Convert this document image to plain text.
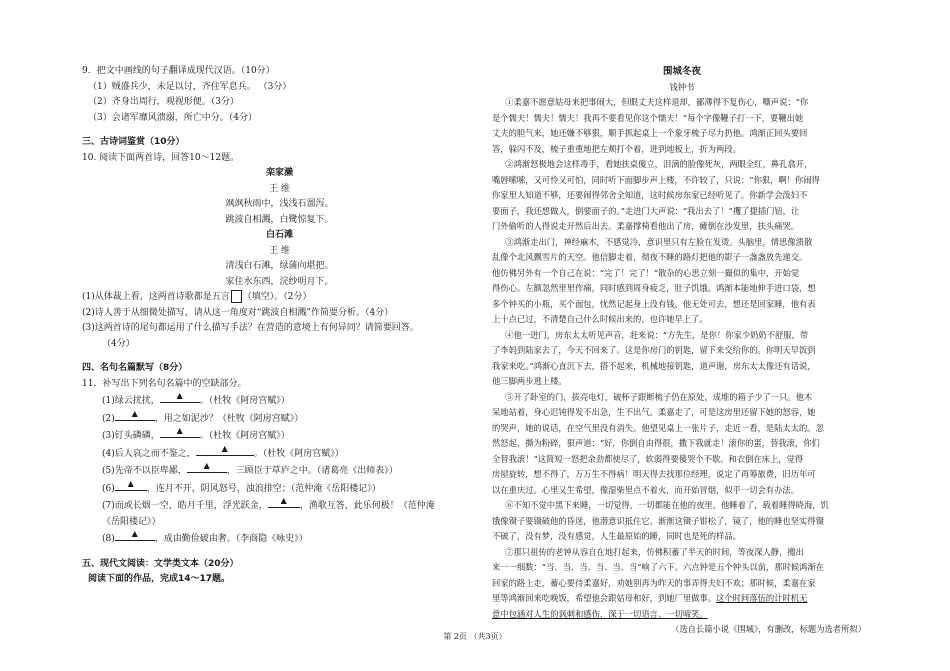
9．把文中画线的句子翻译成现代汉语。（10分）
（1）贼盛兵少，未足以讨，齐住军息兵。 （3分）
（2）齐身出周行，观视形便。（3分）
（3）会诸军靡风溃溺，所亡中分。（4分）
三、古诗词鉴赏（10分）
10. 阅读下面两首诗，回答10～12题。
栾家濑
王 维
飒飒秋雨中，浅浅石溜泻。
跳波自相溅，白鹭惊复下。
白石滩
王 维
清浅白石滩，绿蒲向堪把。
家住水东西，浣纱明月下。
(1)从体裁上看，这两首诗歌都是五言 （填空）。（2分）
(2)诗人善于从细微处描写，请从这一角度对“跳波自相溅”作简要分析。（4分）
(3)这两首诗的尾句都运用了什么描写手法？在营造的意境上有何异同？请简要回答。
（4分）
四、名句名篇默写（8分）
11．补写出下列名句名篇中的空缺部分。
(1)绿云扰扰，
▲
。（杜牧《阿房宫赋》）
(2)
▲
，用之如泥沙？（杜牧《阿房宫赋》）
(3)钉头磷磷，
▲
。（杜牧《阿房宫赋》）
(4)后人哀之而不鉴之，
▲
。（杜牧《阿房宫赋》）
(5)先帝不以臣卑鄙，
▲
，三顾臣于草庐之中。（诸葛亮《出师表》）
(6)
▲
，连月不开，阴风怒号，浊浪排空；（范仲淹《岳阳楼记》）
(7)而或长烟一空，皓月千里，浮光跃金，
▲
，渔歌互答，此乐何极！（范仲淹
《岳阳楼记》）
(8)
▲
，成由勤俭破由奢。（李商隐《咏史》）
五、现代文阅读：文学类文本（20分）
阅读下面的作品，完成14～17题。
围城冬夜
钱钟书
①柔嘉不愿意姑母来把事闹大，但眼丈夫这样退却，鄙薄得不复伤心，嘶声说：“你
是个懦夫！懦夫！懦夫！我再不要看见你这个懦夫！”每个字像鞭子打一下，要鞭出她
丈夫的胆气来，她还嫌不够狠，顺手抓起桌上一个象牙梳子尽力扔他。鸿渐正回头要回
答，躲闪不及，梳子重重地把左颊打个着，迸到地板上，折为两段。
②鸿渐怒极地会这样毒手，看她扶桌傻立，泪滴的脸像死灰，两眼全红，鼻孔翕开，
嘴唇嗦嗦，又可怜又可怕，同时听下面脚步声上楼，不许较了，只说：“你狠，啊！你闹得
你家里人知道不够，还要闹得邻舍全知道，这时候房东家已经听见了。你新学会泼妇不
要面子，我还想做人，倒要面子的。”走进门大声说：“我出去了！”攫了捷插门钮，让
门外偷听的人得说走开然后出去。柔嘉撑椅看他出了房，瘫倒在沙发里，扶头痛哭。
③鸿渐走出门，神经麻木，不感觉冷，意识里只有左脸在发烫。头脑里，情思像溃散
乱像个北风飘雪片的天空。他信脚走着，彻夜不睡的路灯把他的影子一盏盏放先递交。
他仿佛另外有一个自己在说：“完了！完了！”散杂的心思立刻一撮似的集中，开始觉
得伤心。左额忽然里里作痛，同时感到周身疲乏，肚子饥饿。鸿渐本能地伸手进口袋，想
多个钟买的小瓶，买个面包，忧然记起身上没有钱，他无处可去，想还是回家睡，他有表
上十点已过，不清楚自己什么时候出来的，也许她早上了。
④他一进门，房东太太听见声音，赶来说：“方先生，是你！你家少奶奶不舒服，带
了李妈到陆家去了，今天不回来了。这是你房门的钥匙，留下来交给你的。你明天早饭到
我家来吃。”鸿渐心直沉下去，搭不起来，机械地接钥匙，道声谢，房东太太像还有话说，
他三脚两步逃上楼。
⑤开了卧室的门，拔亮电灯，破杯子跟断梳子仍在原处，成堆的箱子少了一只。他木
呆地站着，身心迟钝得发不出急，生不出气。柔嘉走了，可是这房里还留下她的怒容，她
的哭声，她的说话，在空气里没有消失。他望见桌上一张片子，走近一看，是陆太太的。忽
然怒起，撕为粉碎，狠声道：“好，你倒自由得很，撒下我就走！滚你的蛋，替我滚，你们
全替我滚！”这简短一怒把余劲都使尽了，软弱得要傻哭个不歇。和衣倒在床上，觉得
房屋旋转，想不得了，万万生不得病！明天得去找那位经理，说定了再筹旅费，旧历年可
以在重庆过。心里又生希望，像湿柴里点不着火，而开始冒烟，似乎一切会有办法。
⑥不知不觉中黑下来睡，一切觉得，一切都能在他的夜里，他睡着了，载着睡得晓海，饥
饿像镊子要镊破他的昏迷，他潜意识抵住它。渐渐这镊子钳松了，镜了，他的睡也坚实得镊
不破了，没有梦，没有感觉，人生最原始的睡，同时也是死的样品。
⑦那只祖传的老钟从容自在地打起来，仿佛积蓄了半天的时间，等夜深人静，搬出
来一一细数：“当、当、当、当、当、当”响了六下。六点钟是五个钟头以前，那时候鸿渐在
回家的路上走，蓄心要待柔嘉好，劝她别再为昨天的事弄得夫妇不欢；那时候，柔嘉在家
里等鸿渐回来吃晚饭，希望他会跟姑母和好，到她厂里做事。这个时间落伍的计时机无
意中包涵对人生的讽刺和感伤，深于一切语言、一切啼笑。
（选自长篇小说《围城》，有删改，标题为选者所拟）
第 2页 （共3页）
